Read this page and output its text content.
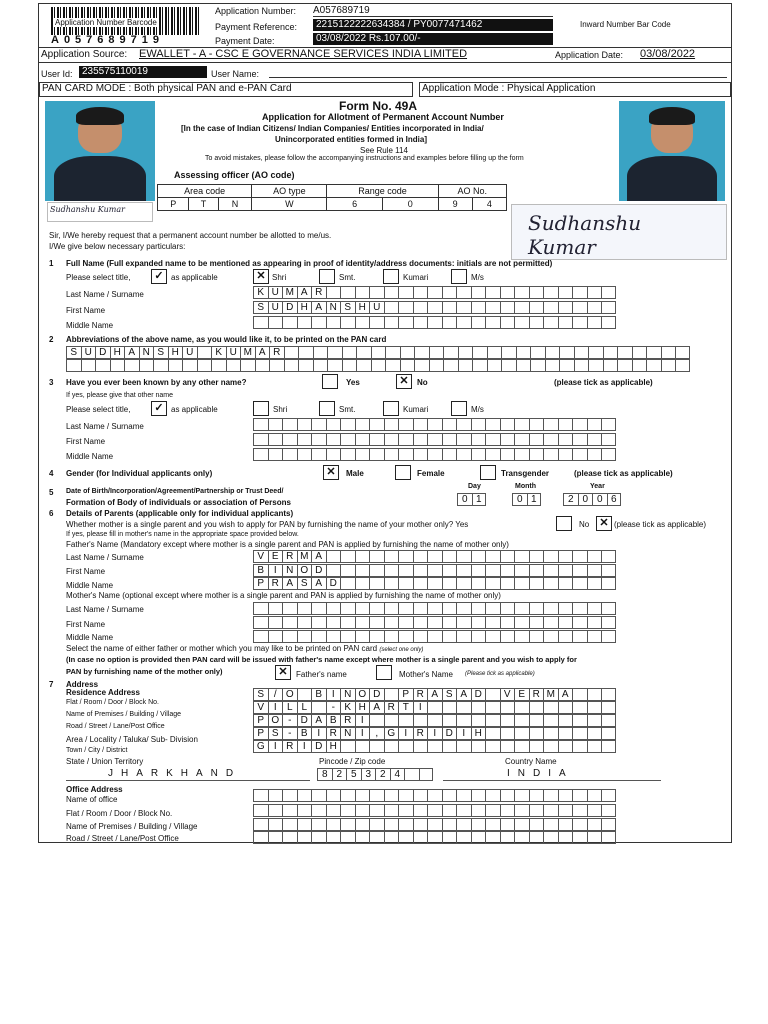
Application Number Barcode
A057689719
Application Number: A057689719
Payment Reference:	2215122222634384 / PY0077471462
Payment Date:	03/08/2022 Rs.107.00/-
Inward Number Bar Code
Application Source: EWALLET - A - CSC E GOVERNANCE SERVICES INDIA LIMITED	Application Date: 03/08/2022
User Id: 235575110019	User Name:
PAN CARD MODE : Both physical PAN and e-PAN Card	Application Mode : Physical Application
Sudhanshu Kumar
Sudhanshu Kumar
Form No. 49A
Application for Allotment of Permanent Account Number
[In the case of Indian Citizens/ Indian Companies/ Entities incorporated in India/
Unincorporated entities formed in India]
See Rule 114
To avoid mistakes, please follow the accompanying instructions and examples before filling up the form
Assessing officer (AO code)
Area code			AO type	Range code		AO No.	
P	T	N	W	6	0	9	4
Sir, I/We hereby request that a permanent account number be allotted to me/us.
I/We give below necessary particulars:
1 Full Name (Full expanded name to be mentioned as appearing in proof of identity/address documents: initials are not permitted)
Please select title,	✓ as applicable	✕ Shri	Smt.	Kumari	M/s
Last Name / Surname	K U M A R
First Name	S U D H A N S H U
Middle Name
2 Abbreviations of the above name, as you would like it, to be printed on the PAN card
S U D H A N S H U	K U M A R
3 Have you ever been known by any other name?	Yes	✕	No	(please tick as applicable)
If yes, please give that other name
Please select title,	✓ as applicable	Shri	Smt.	Kumari	M/s
Last Name / Surname
First Name
Middle Name
4 Gender (for Individual applicants only)	✕	Male	Female	Transgender	(please tick as applicable)
5 Date of Birth/Incorporation/Agreement/Partnership or Trust Deed/
Formation of Body of individuals or association of Persons
Day	Month	Year
0 1	0 1	2 0 0 6
6 Details of Parents (applicable only for individual applicants)
Whether mother is a single parent and you wish to apply for PAN by furnishing the name of your mother only? Yes	No ✕ (please tick as applicable)
If yes, please fill in mother's name in the appropriate space provided below.
Father's Name (Mandatory except where mother is a single parent and PAN is applied by furnishing the name of mother only)
Last Name / Surname	V E R M A
First Name	B I N O D
Middle Name	P R A S A D
Mother's Name (optional except where mother is a single parent and PAN is applied by furnishing the name of mother only)
Last Name / Surname
First Name
Middle Name
Select the name of either father or mother which you may like to be printed on PAN card (select one only)
(In case no option is provided then PAN card will be issued with father's name except where mother is a single parent and you wish to apply for
PAN by furnishing name of the mother only)	✕	Father's name	Mother's Name (Please tick as applicable)
7 Address
Residence Address
Flat / Room / Door / Block No.
S / O	B I N O D	P R A S A D	V E R M A
Name of Premises / Building / Village
V I	L L	- K H A R T	I
Road / Street / Lane/Post Office
P O - D A B R I
Area / Locality / Taluka/ Sub- Division
P S - B I R N I	, G I R I D I H
Town / City / District	G I R I D H
State / Union Territory	Pincode / Zip code	Country Name
JHARKHAND	8 2 5 3 2 4	INDIA
Office Address
Name of office
Flat / Room / Door / Block No.
Name of Premises / Building / Village
Road / Street / Lane/Post Office
